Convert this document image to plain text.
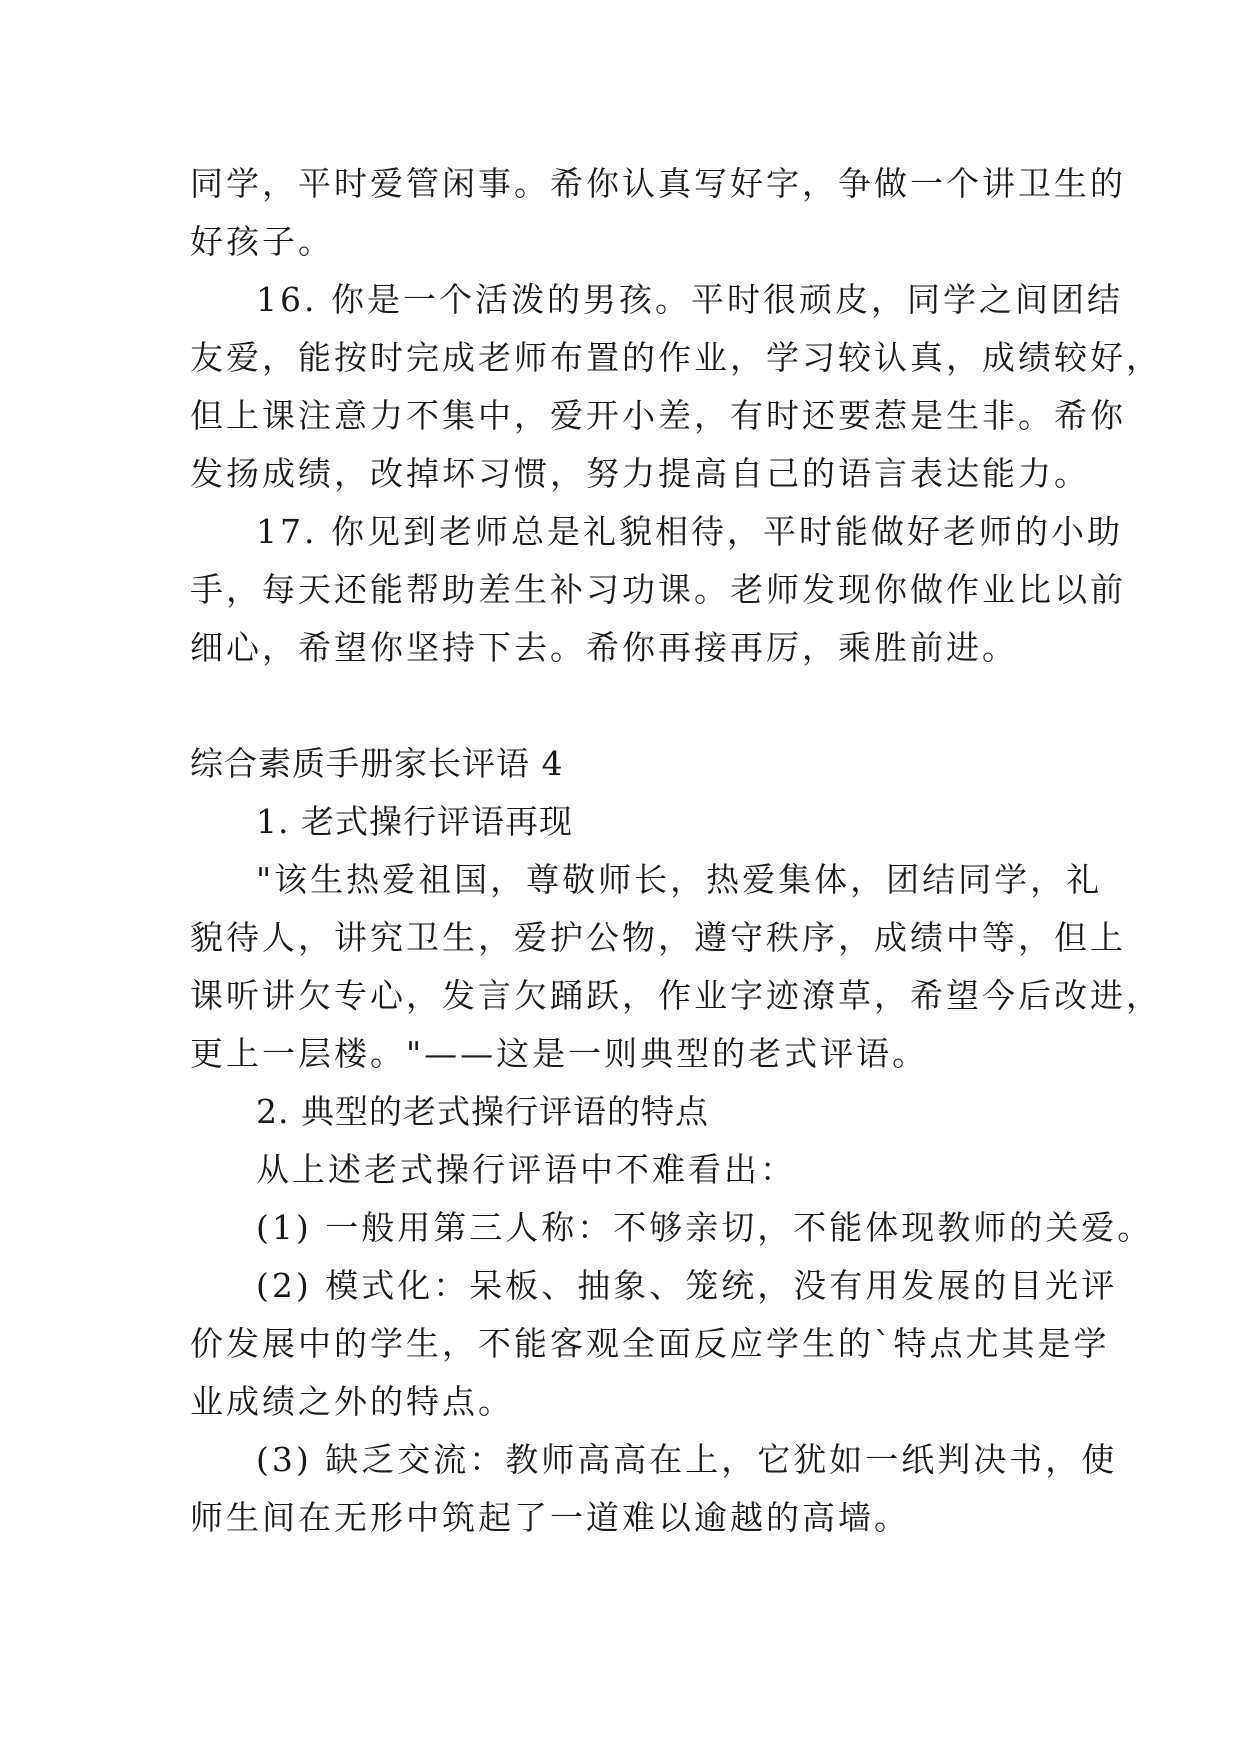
同学，平时爱管闲事。希你认真写好字，争做一个讲卫生的
好孩子。
16. 你是一个活泼的男孩。平时很顽皮，同学之间团结
友爱，能按时完成老师布置的作业，学习较认真，成绩较好，
但上课注意力不集中，爱开小差，有时还要惹是生非。希你
发扬成绩，改掉坏习惯，努力提高自己的语言表达能力。
17. 你见到老师总是礼貌相待，平时能做好老师的小助
手，每天还能帮助差生补习功课。老师发现你做作业比以前
细心，希望你坚持下去。希你再接再厉，乘胜前进。
综合素质手册家长评语 4
1. 老式操行评语再现
"该生热爱祖国，尊敬师长，热爱集体，团结同学，礼
貌待人，讲究卫生，爱护公物，遵守秩序，成绩中等，但上
课听讲欠专心，发言欠踊跃，作业字迹潦草，希望今后改进，
更上一层楼。"——这是一则典型的老式评语。
2. 典型的老式操行评语的特点
从上述老式操行评语中不难看出：
(1) 一般用第三人称：不够亲切，不能体现教师的关爱。
(2) 模式化：呆板、抽象、笼统，没有用发展的目光评
价发展中的学生，不能客观全面反应学生的`特点尤其是学
业成绩之外的特点。
(3) 缺乏交流：教师高高在上，它犹如一纸判决书，使
师生间在无形中筑起了一道难以逾越的高墙。
